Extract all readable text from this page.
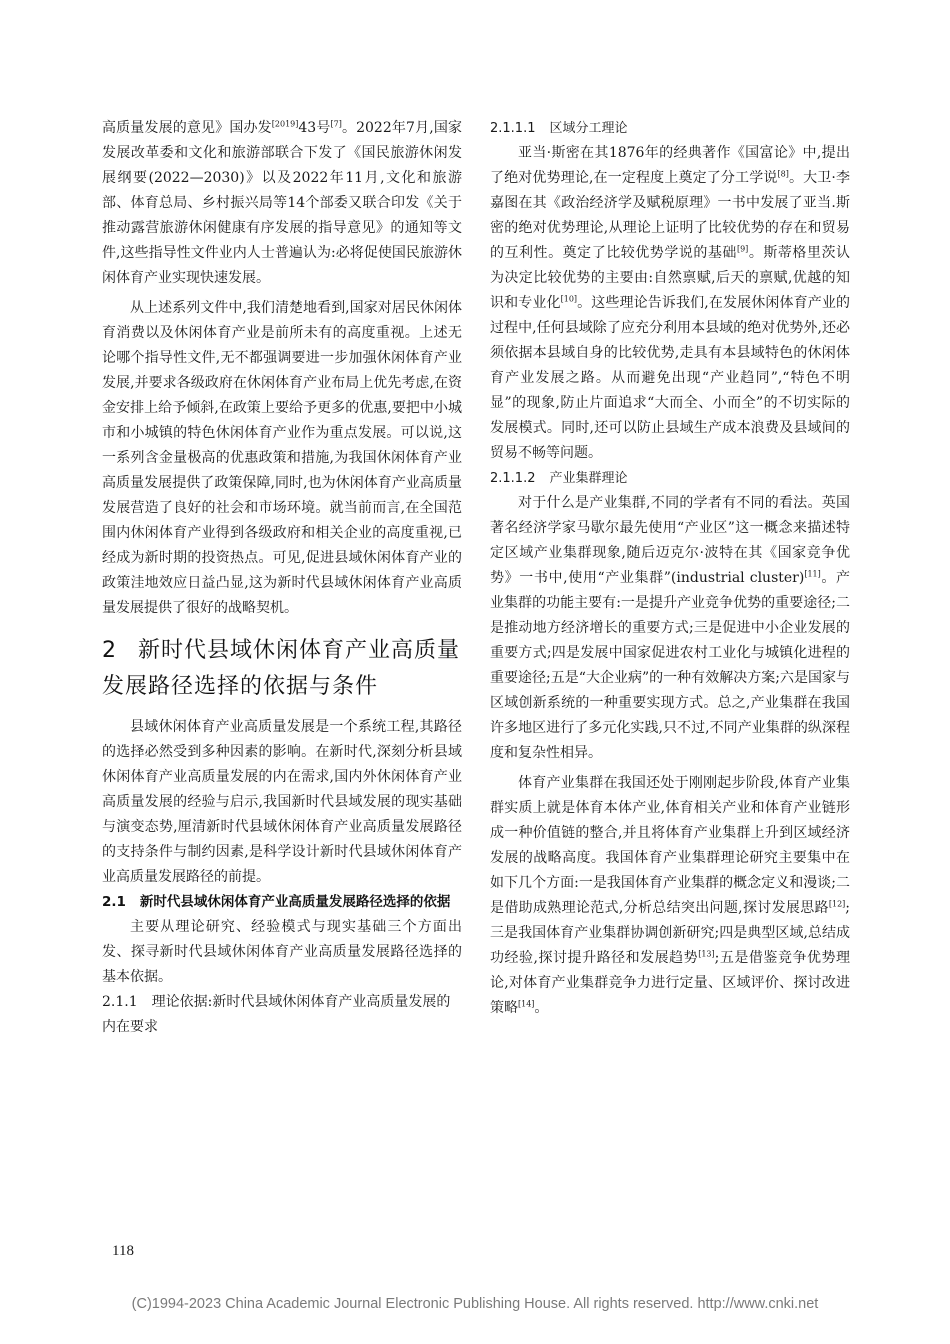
高质量发展的意见》国办发[2019]43号[7]。2022年7月,国家发展改革委和文化和旅游部联合下发了《国民旅游休闲发展纲要(2022—2030)》以及2022年11月,文化和旅游部、体育总局、乡村振兴局等14个部委又联合印发《关于推动露营旅游休闲健康有序发展的指导意见》的通知等文件,这些指导性文件业内人士普遍认为:必将促使国民旅游休闲体育产业实现快速发展。

从上述系列文件中,我们清楚地看到,国家对居民休闲体育消费以及休闲体育产业是前所未有的高度重视。上述无论哪个指导性文件,无不都强调要进一步加强休闲体育产业发展,并要求各级政府在休闲体育产业布局上优先考虑,在资金安排上给予倾斜,在政策上要给予更多的优惠,要把中小城市和小城镇的特色休闲体育产业作为重点发展。可以说,这一系列含金量极高的优惠政策和措施,为我国休闲体育产业高质量发展提供了政策保障,同时,也为休闲体育产业高质量发展营造了良好的社会和市场环境。就当前而言,在全国范围内休闲体育产业得到各级政府和相关企业的高度重视,已经成为新时期的投资热点。可见,促进县域休闲体育产业的政策洼地效应日益凸显,这为新时代县域休闲体育产业高质量发展提供了很好的战略契机。

2 新时代县域休闲体育产业高质量发展路径选择的依据与条件

县域休闲体育产业高质量发展是一个系统工程,其路径的选择必然受到多种因素的影响。在新时代,深刻分析县域休闲体育产业高质量发展的内在需求,国内外休闲体育产业高质量发展的经验与启示,我国新时代县域发展的现实基础与演变态势,厘清新时代县域休闲体育产业高质量发展路径的支持条件与制约因素,是科学设计新时代县域休闲体育产业高质量发展路径的前提。

2.1 新时代县域休闲体育产业高质量发展路径选择的依据

主要从理论研究、经验模式与现实基础三个方面出发、探寻新时代县域休闲体育产业高质量发展路径选择的基本依据。

2.1.1 理论依据:新时代县域休闲体育产业高质量发展的内在要求
2.1.1.1 区域分工理论

亚当·斯密在其1876年的经典著作《国富论》中,提出了绝对优势理论,在一定程度上奠定了分工学说[8]。大卫·李嘉图在其《政治经济学及赋税原理》一书中发展了亚当.斯密的绝对优势理论,从理论上证明了比较优势的存在和贸易的互利性。奠定了比较优势学说的基础[9]。斯蒂格里茨认为决定比较优势的主要由:自然禀赋,后天的禀赋,优越的知识和专业化[10]。这些理论告诉我们,在发展休闲体育产业的过程中,任何县域除了应充分利用本县域的绝对优势外,还必须依据本县域自身的比较优势,走具有本县域特色的休闲体育产业发展之路。从而避免出现“产业趋同”,“特色不明显”的现象,防止片面追求“大而全、小而全”的不切实际的发展模式。同时,还可以防止县域生产成本浪费及县域间的贸易不畅等问题。

2.1.1.2 产业集群理论

对于什么是产业集群,不同的学者有不同的看法。英国著名经济学家马歇尔最先使用“产业区”这一概念来描述特定区域产业集群现象,随后迈克尔·波特在其《国家竞争优势》一书中,使用“产业集群”(industrial cluster)[11]。产业集群的功能主要有:一是提升产业竞争优势的重要途径;二是推动地方经济增长的重要方式;三是促进中小企业发展的重要方式;四是发展中国家促进农村工业化与城镇化进程的重要途径;五是“大企业病”的一种有效解决方案;六是国家与区域创新系统的一种重要实现方式。总之,产业集群在我国许多地区进行了多元化实践,只不过,不同产业集群的纵深程度和复杂性相异。

体育产业集群在我国还处于刚刚起步阶段,体育产业集群实质上就是体育本体产业,体育相关产业和体育产业链形成一种价值链的整合,并且将体育产业集群上升到区域经济发展的战略高度。我国体育产业集群理论研究主要集中在如下几个方面:一是我国体育产业集群的概念定义和漫谈;二是借助成熟理论范式,分析总结突出问题,探讨发展思路[12];三是我国体育产业集群协调创新研究;四是典型区域,总结成功经验,探讨提升路径和发展趋势[13];五是借鉴竞争优势理论,对体育产业集群竞争力进行定量、区域评价、探讨改进策略[14]。

118
(C)1994-2023 China Academic Journal Electronic Publishing House. All rights reserved. http://www.cnki.net
